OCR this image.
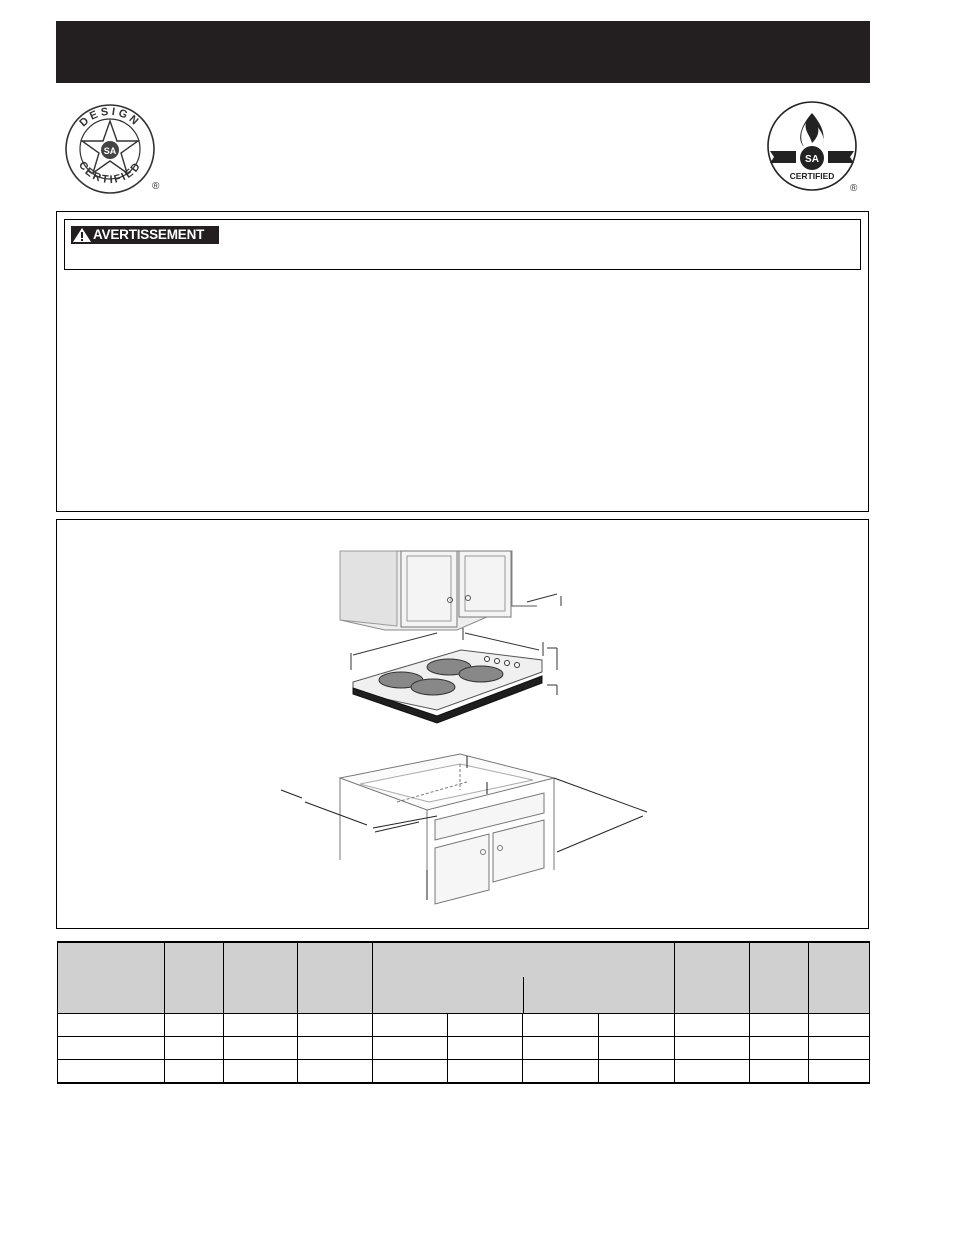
DESIGN
CERTIFIED
SA
®
SA
CERTIFIED
®
AVERTISSEMENT
